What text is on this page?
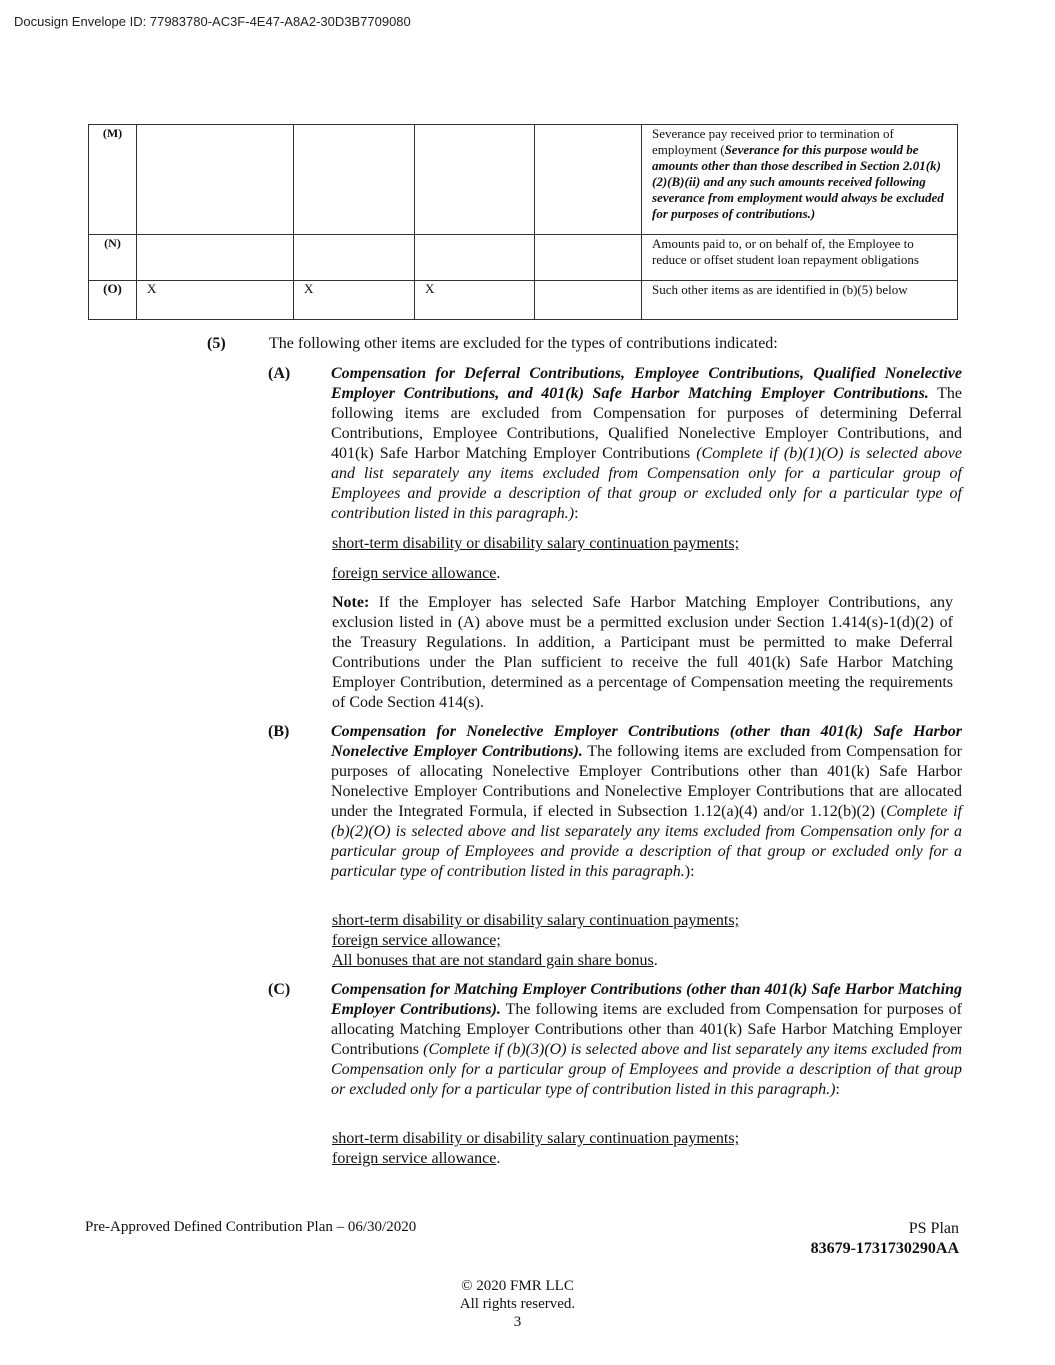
Docusign Envelope ID: 77983780-AC3F-4E47-A8A2-30D3B7709080
(M)					Severance pay received prior to termination of employment (Severance for this purpose would be amounts other than those described in Section 2.01(k)(2)(B)(ii) and any such amounts received following severance from employment would always be excluded for purposes of contributions.)
(N)					Amounts paid to, or on behalf of, the Employee to reduce or offset student loan repayment obligations
(O)	X	X	X		Such other items as are identified in (b)(5) below
(5)	The following other items are excluded for the types of contributions indicated:
(A)	Compensation for Deferral Contributions, Employee Contributions, Qualified Nonelective Employer Contributions, and 401(k) Safe Harbor Matching Employer Contributions. The following items are excluded from Compensation for purposes of determining Deferral Contributions, Employee Contributions, Qualified Nonelective Employer Contributions, and 401(k) Safe Harbor Matching Employer Contributions (Complete if (b)(1)(O) is selected above and list separately any items excluded from Compensation only for a particular group of Employees and provide a description of that group or excluded only for a particular type of contribution listed in this paragraph.):
short-term disability or disability salary continuation payments;
foreign service allowance.
Note: If the Employer has selected Safe Harbor Matching Employer Contributions, any exclusion listed in (A) above must be a permitted exclusion under Section 1.414(s)-1(d)(2) of the Treasury Regulations. In addition, a Participant must be permitted to make Deferral Contributions under the Plan sufficient to receive the full 401(k) Safe Harbor Matching Employer Contribution, determined as a percentage of Compensation meeting the requirements of Code Section 414(s).
(B)	Compensation for Nonelective Employer Contributions (other than 401(k) Safe Harbor Nonelective Employer Contributions). The following items are excluded from Compensation for purposes of allocating Nonelective Employer Contributions other than 401(k) Safe Harbor Nonelective Employer Contributions and Nonelective Employer Contributions that are allocated under the Integrated Formula, if elected in Subsection 1.12(a)(4) and/or 1.12(b)(2) (Complete if (b)(2)(O) is selected above and list separately any items excluded from Compensation only for a particular group of Employees and provide a description of that group or excluded only for a particular type of contribution listed in this paragraph.):
short-term disability or disability salary continuation payments;
foreign service allowance;
All bonuses that are not standard gain share bonus.
(C)	Compensation for Matching Employer Contributions (other than 401(k) Safe Harbor Matching Employer Contributions). The following items are excluded from Compensation for purposes of allocating Matching Employer Contributions other than 401(k) Safe Harbor Matching Employer Contributions (Complete if (b)(3)(O) is selected above and list separately any items excluded from Compensation only for a particular group of Employees and provide a description of that group or excluded only for a particular type of contribution listed in this paragraph.):
short-term disability or disability salary continuation payments;
foreign service allowance.
Pre-Approved Defined Contribution Plan – 06/30/2020	PS Plan
83679-1731730290AA
© 2020 FMR LLC
All rights reserved.
3
